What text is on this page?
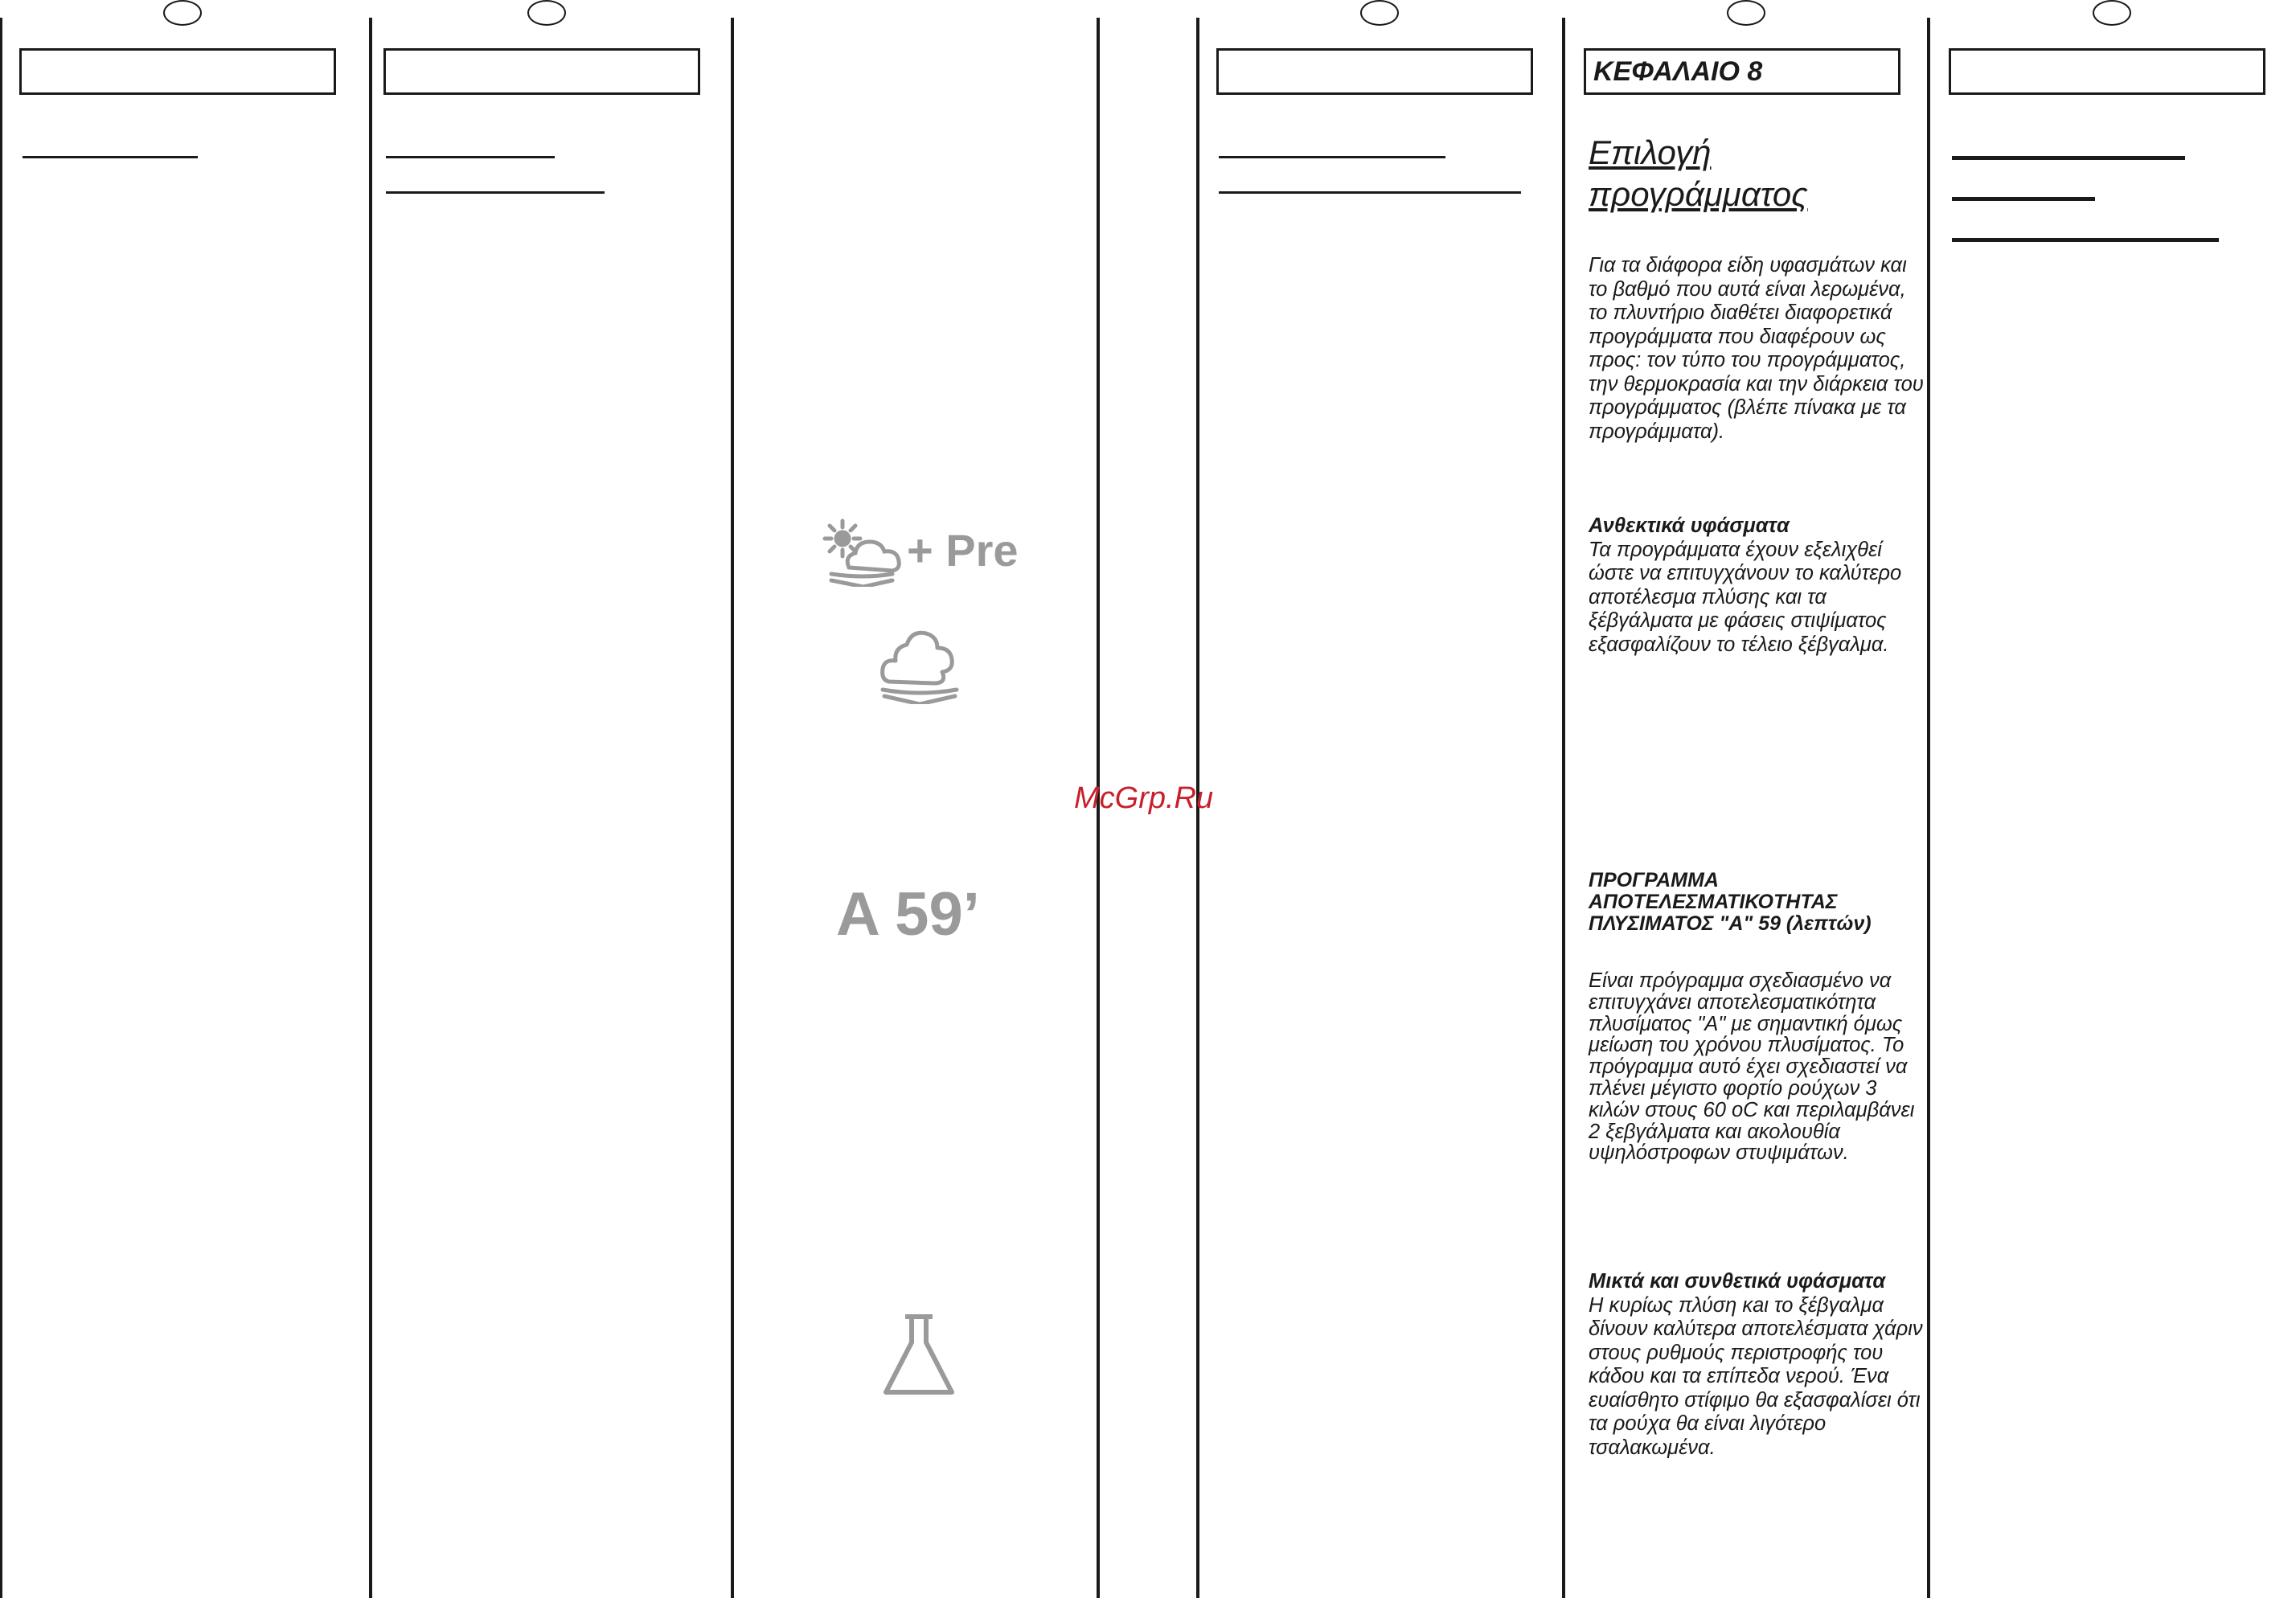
ΚΕΦΑΛΑΙΟ 8
Επιλογή
προγράμματος
Για τα διάφορα είδη υφασμάτων και το βαθμό που αυτά είναι λερωμένα, το πλυντήριο διαθέτει διαφορετικά προγράμματα που διαφέρουν ως προς: τον τύπο του προγράμματος, την θερμοκρασία και την διάρκεια του προγράμματος (βλέπε πίνακα με τα προγράμματα).
Ανθεκτικά υφάσματα
Τα προγράμματα έχουν εξελιχθεί ώστε να επιτυγχάνουν το καλύτερο αποτέλεσμα πλύσης και τα ξέβγάλματα με φάσεις στιψίματος εξασφαλίζουν το τέλειο ξέβγαλμα.
ΠΡΟΓΡΑΜΜΑ ΑΠΟΤΕΛΕΣΜΑΤΙΚΟΤΗΤΑΣ ΠΛΥΣΙΜΑΤΟΣ "A" 59 (λεπτών)
Είναι πρόγραμμα σχεδιασμένο να επιτυγχάνει αποτελεσματικότητα πλυσίματος "A" με σημαντική όμως μείωση του χρόνου πλυσίματος. Το πρόγραμμα αυτό έχει σχεδιαστεί να πλένει μέγιστο φορτίο ρούχων 3 κιλών στους 60 oC και περιλαμβάνει 2 ξεβγάλματα και ακολουθία υψηλόστροφων στυψιμάτων.
Μικτά και συνθετικά υφάσματα
Η κυρίως πλύση κaι το ξέβγαλμα δίνουν καλύτερα αποτελέσματα χάριν στους ρυθμούς περιστροφής του κάδου και τα επίπεδα νερού. Ένα ευαίσθητο στίφιμο θα εξασφαλίσει ότι τα ρούχα θα είναι λιγότερο τσαλακωμένα.
+ Pre
A 59’
McGrp.Ru
